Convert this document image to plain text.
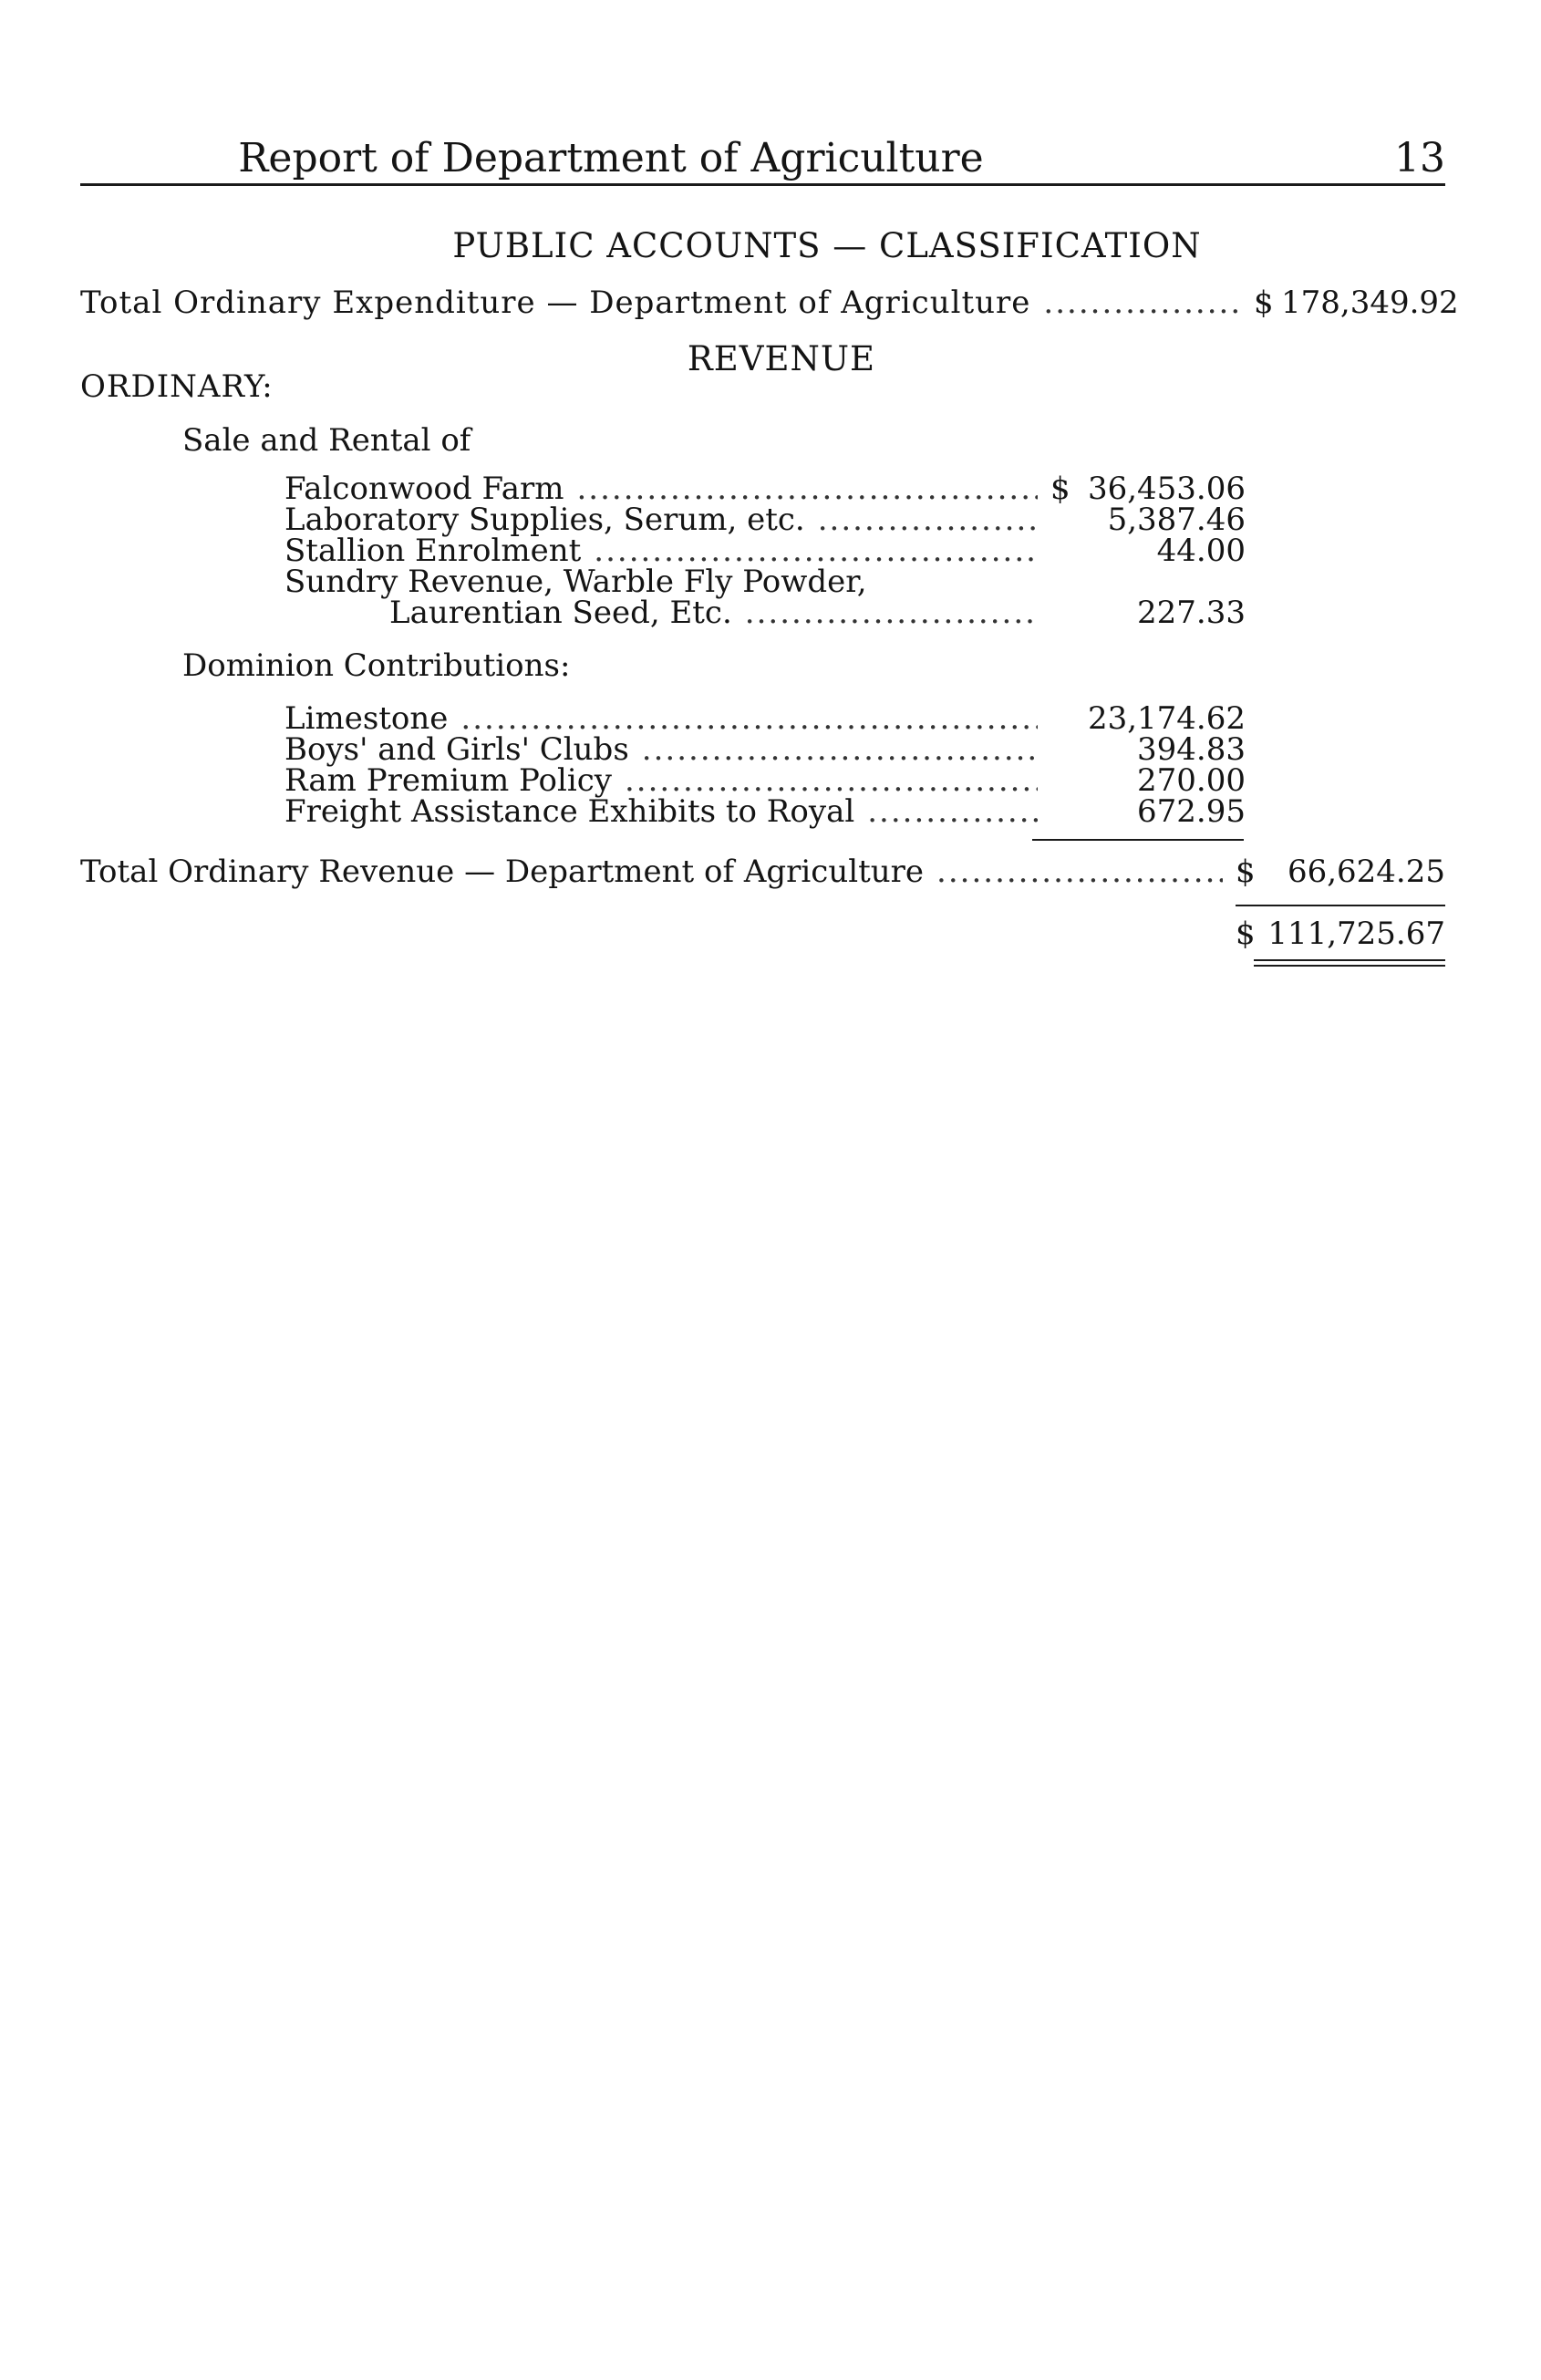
Report of Department of Agriculture	13
PUBLIC ACCOUNTS — CLASSIFICATION
Total Ordinary Expenditure — Department of Agriculture .....	$ 178,349.92
REVENUE
ORDINARY:
Sale and Rental of
Falconwood Farm .....	$ 36,453.06
Laboratory Supplies, Serum, etc. .....	5,387.46
Stallion Enrolment .....	44.00
Sundry Revenue, Warble Fly Powder,
Laurentian Seed, Etc. .....	227.33
Dominion Contributions:
Limestone .....	23,174.62
Boys' and Girls' Clubs .....	394.83
Ram Premium Policy .....	270.00
Freight Assistance Exhibits to Royal .....	672.95
Total Ordinary Revenue — Department of Agriculture .....	$	66,624.25
$ 111,725.67
